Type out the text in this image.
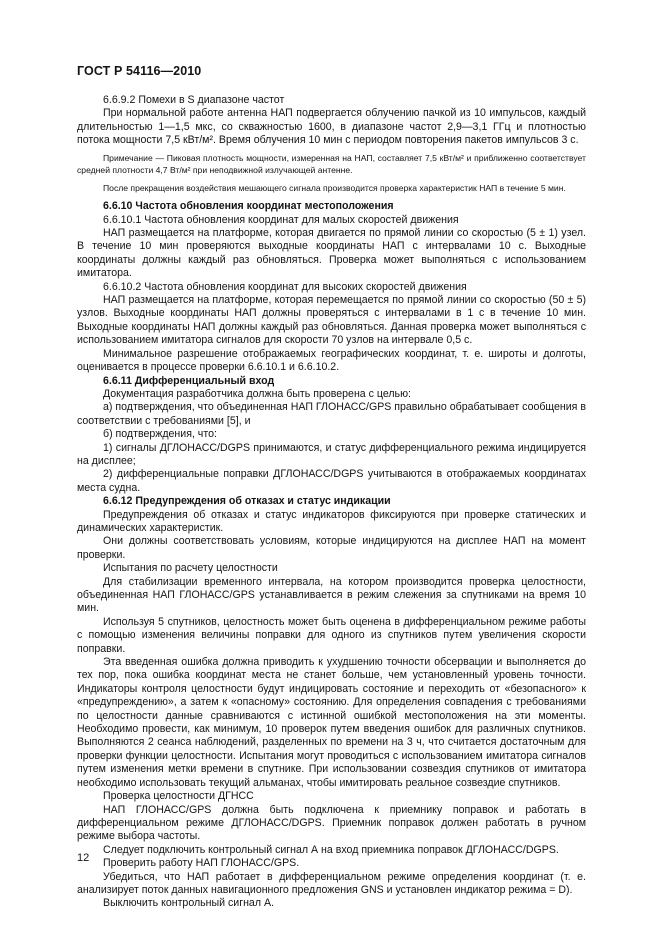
ГОСТ Р 54116—2010

6.6.9.2 Помехи в S диапазоне частот

При нормальной работе антенна НАП подвергается облучению пачкой из 10 импульсов, каждый длительностью 1—1,5 мкс, со скважностью 1600, в диапазоне частот 2,9—3,1 ГГц и плотностью потока мощности 7,5 кВт/м². Время облучения 10 мин с периодом повторения пакетов импульсов 3 с.

Примечание — Пиковая плотность мощности, измеренная на НАП, составляет 7,5 кВт/м² и приближенно соответствует средней плотности 4,7 Вт/м² при неподвижной излучающей антенне.

После прекращения воздействия мешающего сигнала производится проверка характеристик НАП в течение 5 мин.

6.6.10 Частота обновления координат местоположения

6.6.10.1 Частота обновления координат для малых скоростей движения

НАП размещается на платформе, которая двигается по прямой линии со скоростью (5 ± 1) узел. В течение 10 мин проверяются выходные координаты НАП с интервалами 10 с. Выходные координаты должны каждый раз обновляться. Проверка может выполняться с использованием имитатора.

6.6.10.2 Частота обновления координат для высоких скоростей движения

НАП размещается на платформе, которая перемещается по прямой линии со скоростью (50 ± 5) узлов. Выходные координаты НАП должны проверяться с интервалами в 1 с в течение 10 мин. Выходные координаты НАП должны каждый раз обновляться. Данная проверка может выполняться с использованием имитатора сигналов для скорости 70 узлов на интервале 0,5 с.

Минимальное разрешение отображаемых географических координат, т. е. широты и долготы, оценивается в процессе проверки 6.6.10.1 и 6.6.10.2.

6.6.11 Дифференциальный вход

Документация разработчика должна быть проверена с целью:

а) подтверждения, что объединенная НАП ГЛОНАСС/GPS правильно обрабатывает сообщения в соответствии с требованиями [5], и

б) подтверждения, что:

1) сигналы ДГЛОНАСС/DGPS принимаются, и статус дифференциального режима индицируется на дисплее;

2) дифференциальные поправки ДГЛОНАСС/DGPS учитываются в отображаемых координатах места судна.

6.6.12 Предупреждения об отказах и статус индикации

Предупреждения об отказах и статус индикаторов фиксируются при проверке статических и динамических характеристик.

Они должны соответствовать условиям, которые индицируются на дисплее НАП на момент проверки.

Испытания по расчету целостности

Для стабилизации временного интервала, на котором производится проверка целостности, объединенная НАП ГЛОНАСС/GPS устанавливается в режим слежения за спутниками на время 10 мин.

Используя 5 спутников, целостность может быть оценена в дифференциальном режиме работы с помощью изменения величины поправки для одного из спутников путем увеличения скорости поправки.

Эта введенная ошибка должна приводить к ухудшению точности обсервации и выполняется до тех пор, пока ошибка координат места не станет больше, чем установленный уровень точности. Индикаторы контроля целостности будут индицировать состояние и переходить от «безопасного» к «предупреждению», а затем к «опасному» состоянию. Для определения совпадения с требованиями по целостности данные сравниваются с истинной ошибкой местоположения на эти моменты. Необходимо провести, как минимум, 10 проверок путем введения ошибок для различных спутников. Выполняются 2 сеанса наблюдений, разделенных по времени на 3 ч, что считается достаточным для проверки функции целостности. Испытания могут проводиться с использованием имитатора сигналов путем изменения метки времени в спутнике. При использовании созвездия спутников от имитатора необходимо использовать текущий альманах, чтобы имитировать реальное созвездие спутников.

Проверка целостности ДГНСС

НАП ГЛОНАСС/GPS должна быть подключена к приемнику поправок и работать в дифференциальном режиме ДГЛОНАСС/DGPS. Приемник поправок должен работать в ручном режиме выбора частоты.

Следует подключить контрольный сигнал А на вход приемника поправок ДГЛОНАСС/DGPS.

Проверить работу НАП ГЛОНАСС/GPS.

Убедиться, что НАП работает в дифференциальном режиме определения координат (т. е. анализирует поток данных навигационного предложения GNS и установлен индикатор режима = D).

Выключить контрольный сигнал А.

12
